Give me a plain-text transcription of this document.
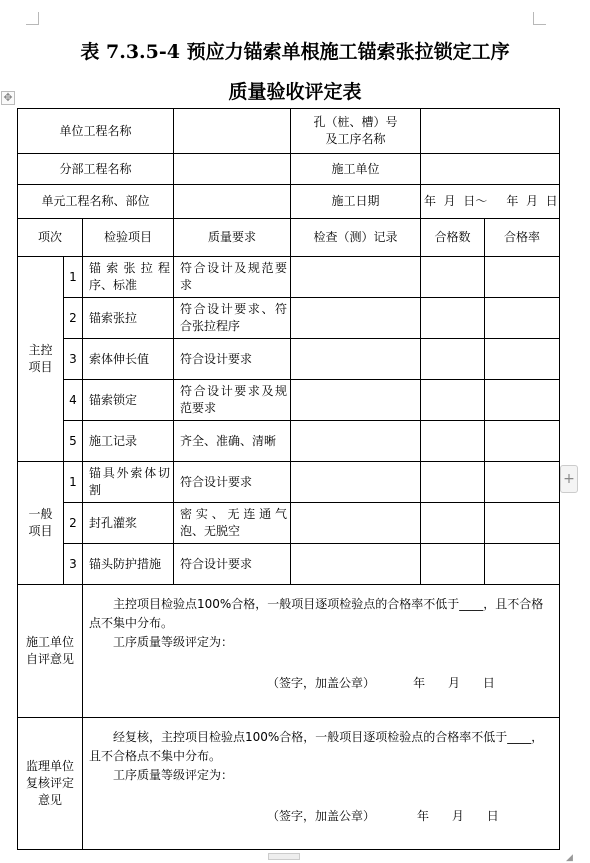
✥
+
表 7.3.5-4 预应力锚索单根施工锚索张拉锁定工序
质量验收评定表
单位工程名称				孔（桩、槽）号
及工序名称		

分部工程名称				施工单位		
单元工程名称、部位				施工日期	年  月  日～     年  月  日	
项次		检验项目	质量要求	检查（测）记录	合格数	合格率

主控
项目	1	锚索张拉程序、标准	符合设计及规范要求			
	2	锚索张拉	符合设计要求、符合张拉程序			
	3	索体伸长值	符合设计要求			
	4	锚索锁定	符合设计要求及规范要求			
	5	施工记录	齐全、准确、清晰			

一般
项目	1	锚具外索体切割	符合设计要求			
	2	封孔灌浆	密实、无连通气泡、无脱空			
	3	锚头防护措施	符合设计要求			
施工单位自评意见		主控项目检验点100%合格，一般项目逐项检验点的合格率不低于____，且不合格点不集中分布。

工序质量等级评定为：

（签字，加盖公章）          年      月      日				

监理单位复核评定意见		经复核，主控项目检验点100%合格，一般项目逐项检验点的合格率不低于____，且不合格点不集中分布。

工序质量等级评定为：

（签字，加盖公章）           年      月      日				
◢
